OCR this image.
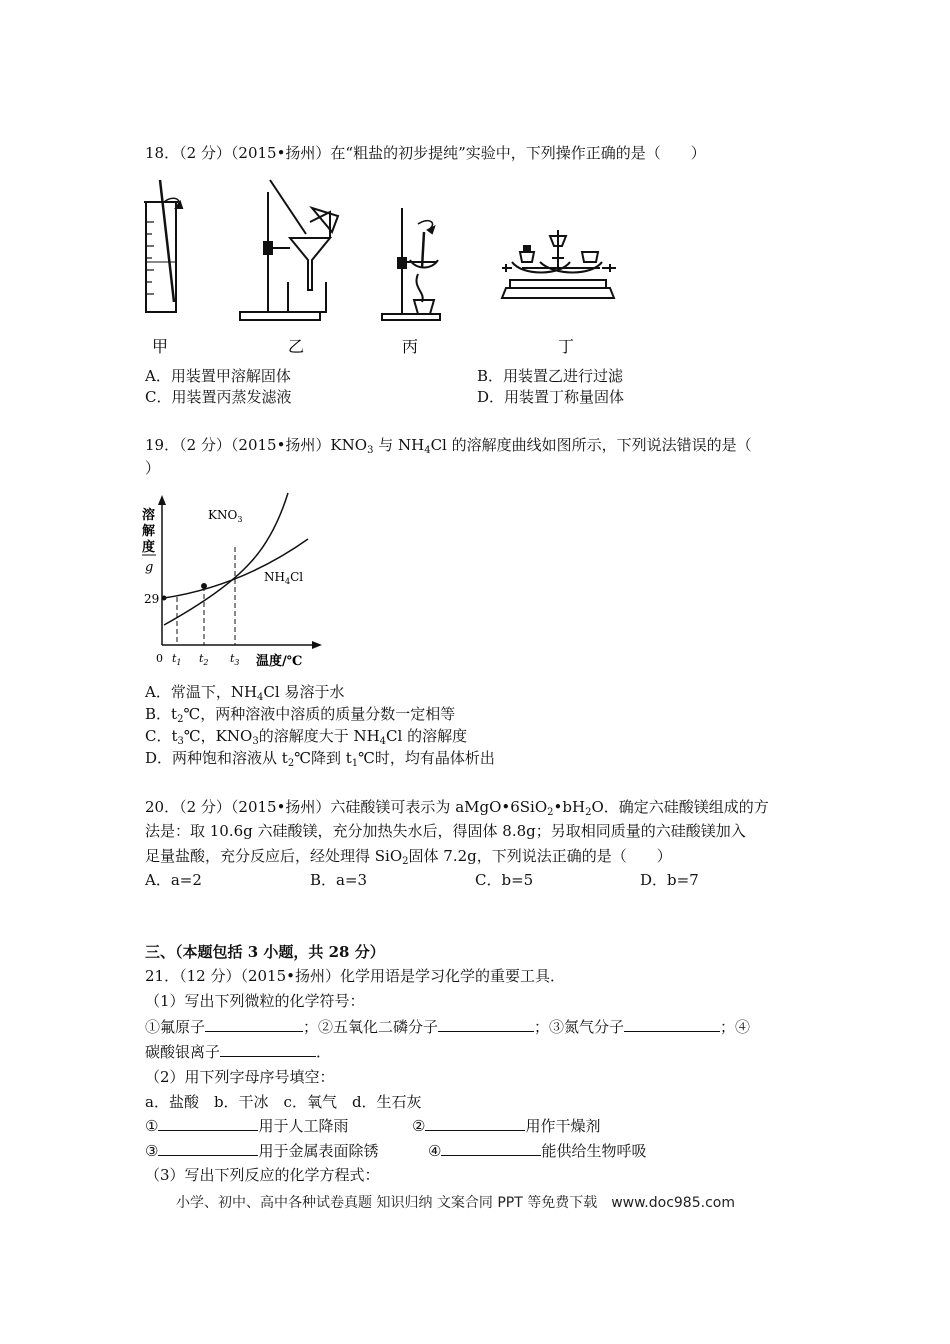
18．（2 分）（2015•扬州）在“粗盐的初步提纯”实验中，下列操作正确的是（　　）
甲	乙	丙	丁
A．用装置甲溶解固体	B．用装置乙进行过滤
C．用装置丙蒸发滤液	D．用装置丁称量固体
19．（2 分）（2015•扬州）$KNO_3$ 与 $NH_4Cl$ 的溶解度曲线如图所示，下列说法错误的是（
）
溶
解
度
g
29
0 $t_1$ $t_2$ $t_3$ 温度/℃
$KNO_3$
$NH_4Cl$
A．常温下，$NH_4Cl$ 易溶于水
B．$t_2℃$，两种溶液中溶质的质量分数一定相等
C．$t_3℃$，$KNO_3$的溶解度大于 $NH_4Cl$ 的溶解度
D．两种饱和溶液从 $t_2℃$降到 $t_1℃$时，均有晶体析出
20．（2 分）（2015•扬州）六硅酸镁可表示为 $aMgO•6SiO_2•bH_2O$．确定六硅酸镁组成的方
法是：取 10.6g 六硅酸镁，充分加热失水后，得固体 8.8g；另取相同质量的六硅酸镁加入
足量盐酸，充分反应后，经处理得 SiO$_2$固体 7.2g，下列说法正确的是（　　）
A．a=2	B．a=3	C．b=5	D．b=7
三、（本题包括 3 小题，共 28 分）
21．（12 分）（2015•扬州）化学用语是学习化学的重要工具．
（1）写出下列微粒的化学符号：
①氟原子	；②五氧化二磷分子	；③氮气分子	；④
碳酸银离子	．
（2）用下列字母序号填空：
a．盐酸　b．干冰　c．氧气　d．生石灰
①	用于人工降雨	②	用作干燥剂
③	用于金属表面除锈	④	能供给生物呼吸
（3）写出下列反应的化学方程式：
小学、初中、高中各种试卷真题 知识归纳 文案合同 PPT 等免费下载　www.doc985.com
